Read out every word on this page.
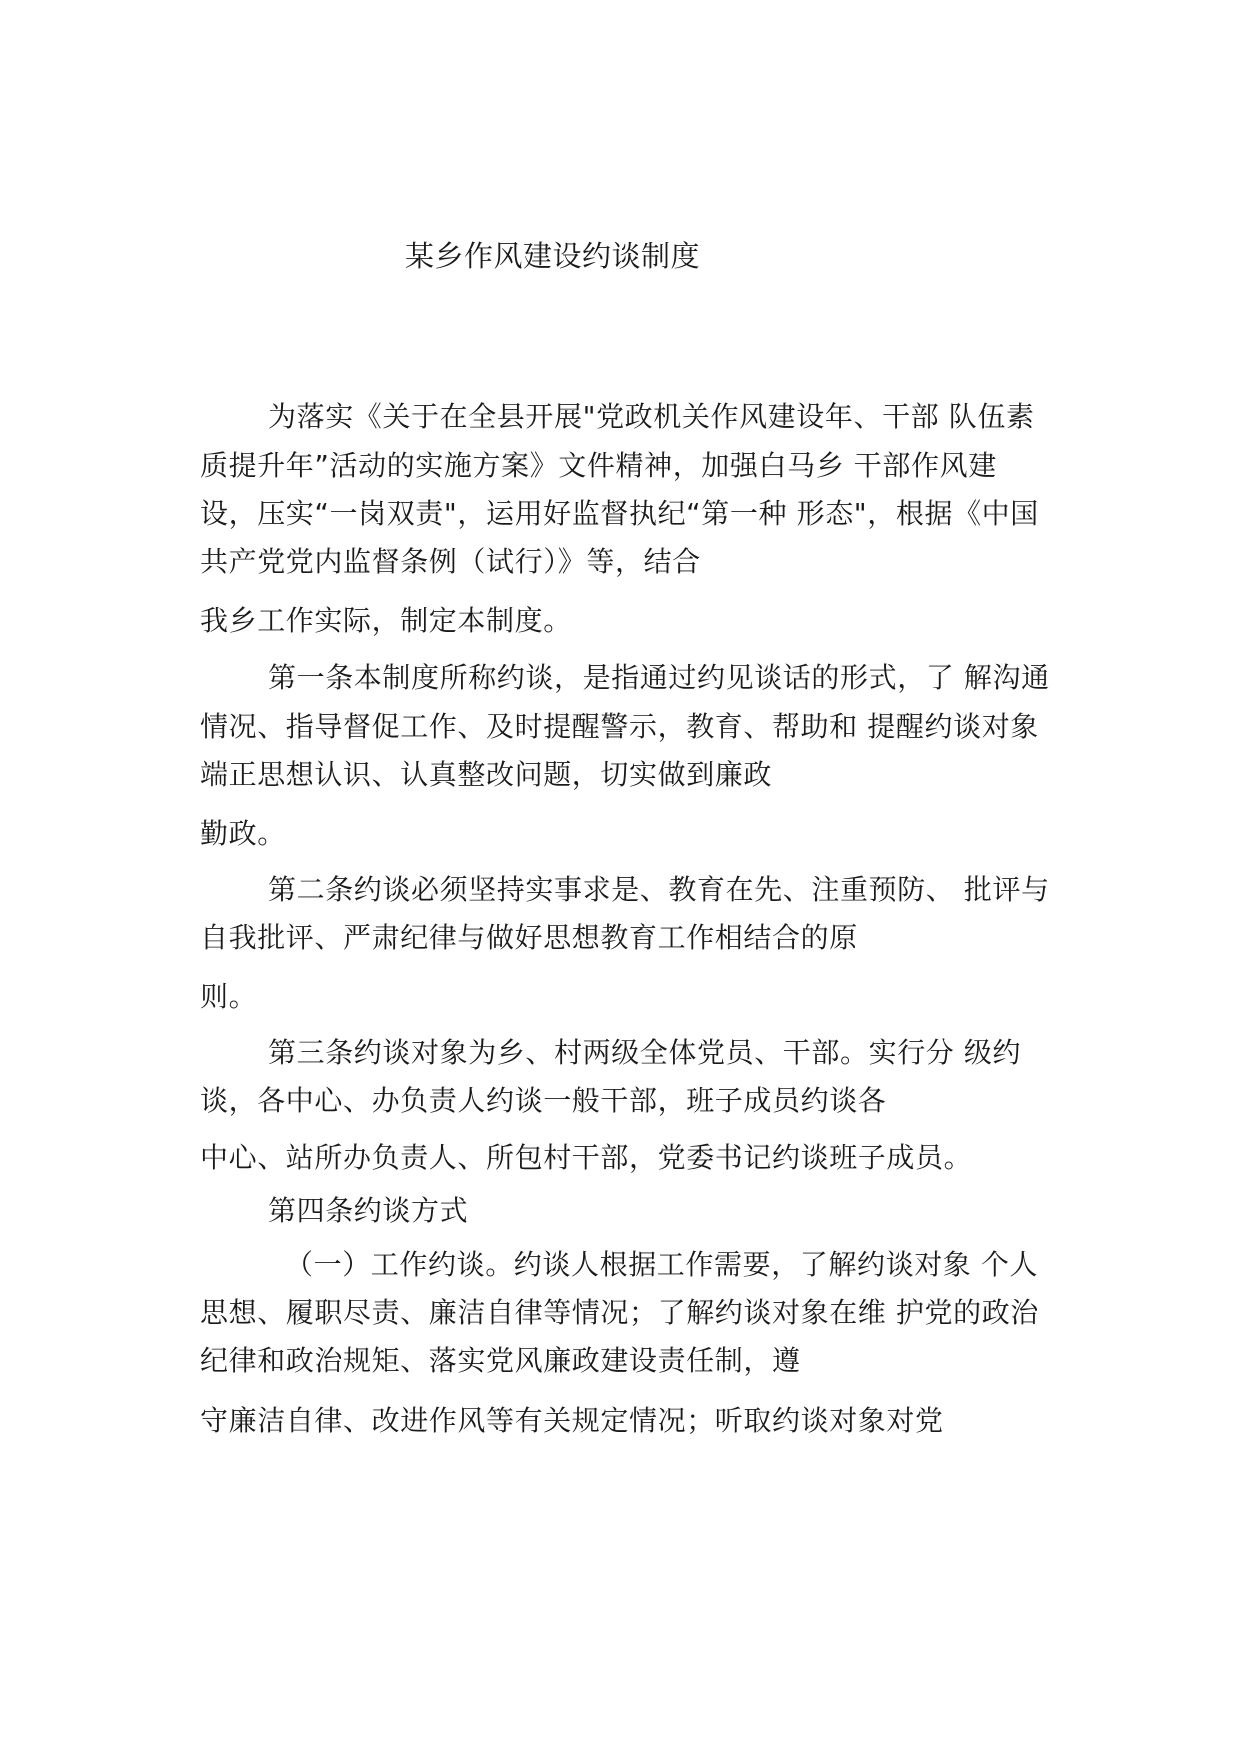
某乡作风建设约谈制度
为落实《关于在全县开展"党政机关作风建设年、干部 队伍素
质提升年”活动的实施方案》文件精神，加强白马乡 干部作风建
设，压实“一岗双责"，运用好监督执纪“第一种 形态"，根据《中国
共产党党内监督条例（试行）》等，结合
我乡工作实际，制定本制度。
第一条本制度所称约谈，是指通过约见谈话的形式，了 解沟通
情况、指导督促工作、及时提醒警示，教育、帮助和 提醒约谈对象
端正思想认识、认真整改问题，切实做到廉政
勤政。
第二条约谈必须坚持实事求是、教育在先、注重预防、 批评与
自我批评、严肃纪律与做好思想教育工作相结合的原
则。
第三条约谈对象为乡、村两级全体党员、干部。实行分 级约
谈，各中心、办负责人约谈一般干部，班子成员约谈各
中心、站所办负责人、所包村干部，党委书记约谈班子成员。
第四条约谈方式
（一）工作约谈。约谈人根据工作需要，了解约谈对象 个人
思想、履职尽责、廉洁自律等情况；了解约谈对象在维 护党的政治
纪律和政治规矩、落实党风廉政建设责任制，遵
守廉洁自律、改进作风等有关规定情况；听取约谈对象对党
